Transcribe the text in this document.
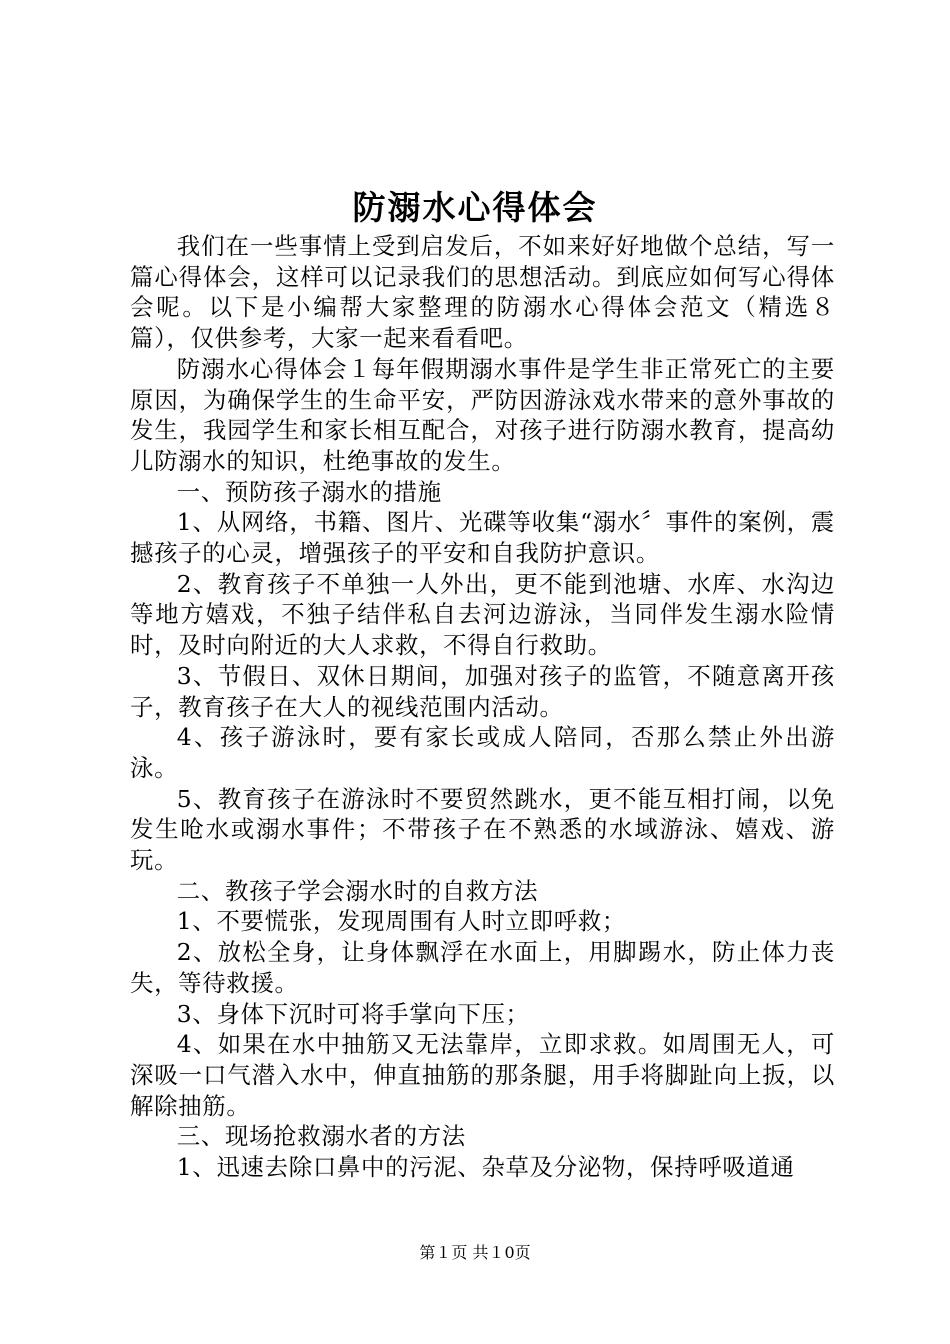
防溺水心得体会

我们在一些事情上受到启发后，不如来好好地做个总结，写一篇心得体会，这样可以记录我们的思想活动。到底应如何写心得体会呢。以下是小编帮大家整理的防溺水心得体会范文（精选８篇），仅供参考，大家一起来看看吧。

防溺水心得体会１每年假期溺水事件是学生非正常死亡的主要原因，为确保学生的生命平安，严防因游泳戏水带来的意外事故的发生，我园学生和家长相互配合，对孩子进行防溺水教育，提高幼儿防溺水的知识，杜绝事故的发生。

一、预防孩子溺水的措施

1、从网络，书籍、图片、光碟等收集“溺水〞事件的案例，震撼孩子的心灵，增强孩子的平安和自我防护意识。

2、教育孩子不单独一人外出，更不能到池塘、水库、水沟边等地方嬉戏，不独子结伴私自去河边游泳，当同伴发生溺水险情时，及时向附近的大人求救，不得自行救助。

3、节假日、双休日期间，加强对孩子的监管，不随意离开孩子，教育孩子在大人的视线范围内活动。

4、孩子游泳时，要有家长或成人陪同，否那么禁止外出游泳。

5、教育孩子在游泳时不要贸然跳水，更不能互相打闹，以免发生呛水或溺水事件；不带孩子在不熟悉的水域游泳、嬉戏、游玩。

二、教孩子学会溺水时的自救方法

1、不要慌张，发现周围有人时立即呼救；

2、放松全身，让身体飘浮在水面上，用脚踢水，防止体力丧失，等待救援。

3、身体下沉时可将手掌向下压；

4、如果在水中抽筋又无法靠岸，立即求救。如周围无人，可深吸一口气潜入水中，伸直抽筋的那条腿，用手将脚趾向上扳，以解除抽筋。

三、现场抢救溺水者的方法

1、迅速去除口鼻中的污泥、杂草及分泌物，保持呼吸道通

第１页 共１0页
